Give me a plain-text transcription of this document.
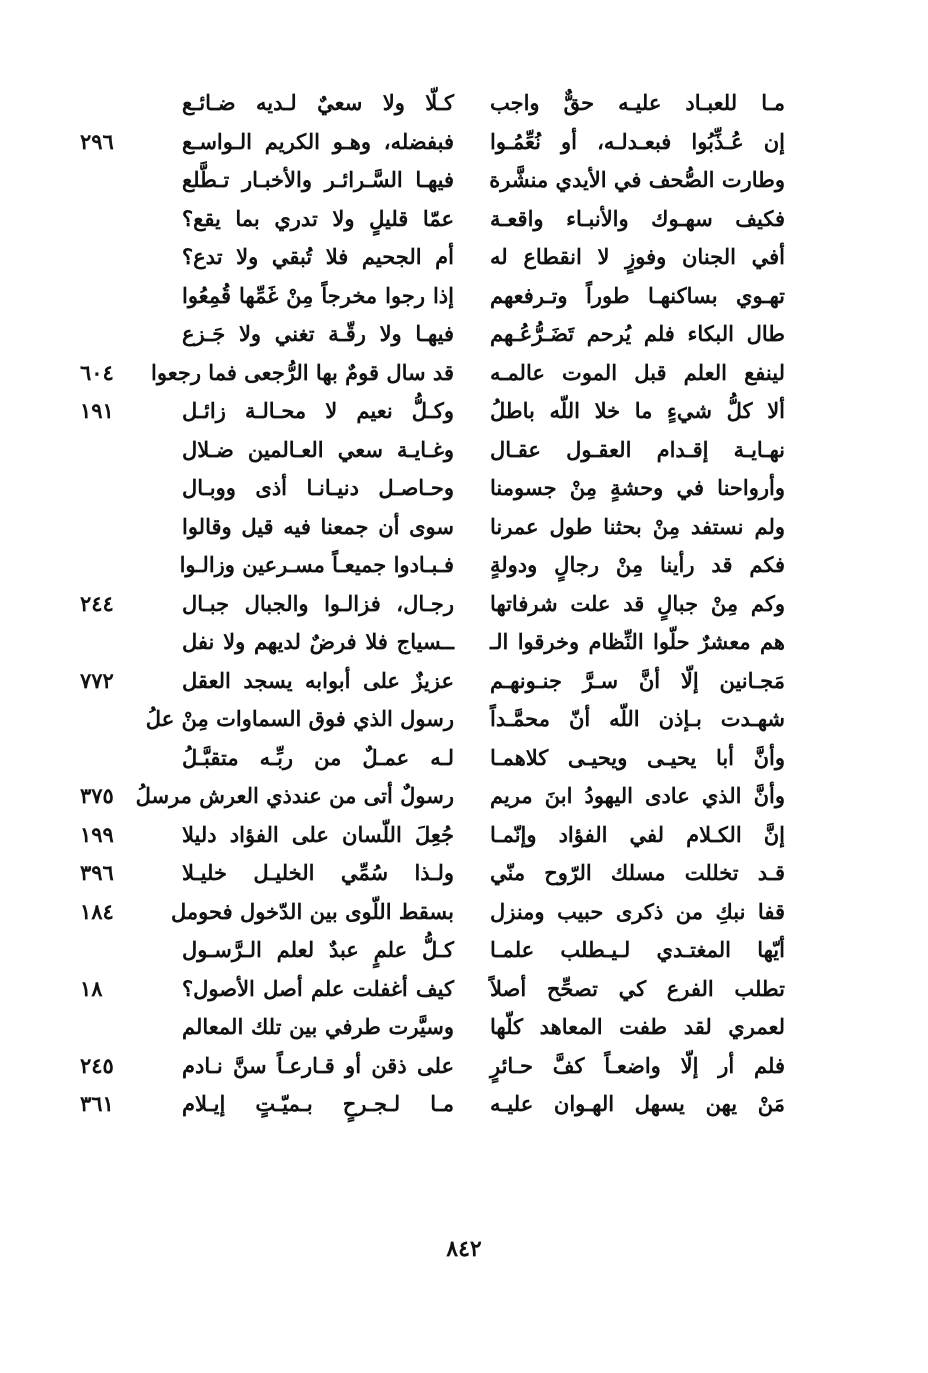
مـا للعبـاد عليـه حقٌّ واجب
كـلّا ولا سعيٌ لـديه ضـائـع
إن عُـذِّبُوا فبعـدلـه، أو نُعِّمُـوا
فبفضله، وهـو الكريم الـواسـع
٢٩٦
وطارت الصُّحف في الأيدي منشَّرة
فيهـا السَّـرائـر والأخبـار تـطَّلع
فكيف سهـوك والأنبـاء واقعـة
عمّا قليلٍ ولا تدري بما يقع؟
أفي الجنان وفوزٍ لا انقطاع له
أم الجحيم فلا تُبقي ولا تدع؟
تهـوي بساكنهـا طوراً وتـرفعهم
إذا رجوا مخرجاً مِنْ غَمِّها قُمِعُوا
طال البكاء فلم يُرحم تَضَـرُّعُـهم
فيهـا ولا رقّـة تغني ولا جَـزع
لينفع العلم قبل الموت عالمـه
قد سال قومٌ بها الرُّجعى فما رجعوا
٦٠٤
ألا كلُّ شيءٍ ما خلا اللّه باطلُ
وكـلُّ نعيم لا محـالـة زائـل
١٩١
نهـايـة إقـدام العقـول عقـال
وغـايـة سعي العـالمين ضـلال
وأرواحنا في وحشةٍ مِنْ جسومنا
وحـاصـل دنيـانـا أذى ووبـال
ولم نستفد مِنْ بحثنا طول عمرنا
سوى أن جمعنا فيه قيل وقالوا
فكم قد رأينا مِنْ رجالٍ ودولةٍ
فـبـادوا جميعـاً مسـرعين وزالـوا
وكم مِنْ جبالٍ قد علت شرفاتها
رجـال، فزالـوا والجبال جبـال
٢٤٤
هم معشرٌ حلّوا النِّظام وخرقوا الـ
ــسياج فلا فرضٌ لديهم ولا نفل
مَجـانين إلّا أنَّ سـرَّ جنـونهـم
عزيزٌ على أبوابه يسجد العقل
٧٧٢
شهـدت بـإذن اللّه أنّ محمَّـداً
رسول الذي فوق السماوات مِنْ علُ
وأنَّ أبا يحيـى ويحيـى كلاهمـا
لـه عمـلٌ من ربِّـه متقبَّـلُ
وأنَّ الذي عادى اليهودُ ابنَ مريم
رسولٌ أتى من عندذي العرش مرسلُ
٣٧٥
إنَّ الكـلام لفي الفؤاد وإنّمـا
جُعِلَ اللّسان على الفؤاد دليلا
١٩٩
قـد تخللت مسلك الرّوح منّي
ولـذا سُمِّي الخليـل خليـلا
٣٩٦
قفا نبكِ من ذكرى حبيب ومنزل
بسقط اللّوى بين الدّخول فحومل
١٨٤
أيّها المغتـدي لـيـطلب علمـا
كـلُّ علمٍ عبدٌ لعلم الـرَّسـول
تطلب الفرع كي تصحِّح أصلاً
كيف أغفلت علم أصل الأصول؟
١٨
لعمري لقد طفت المعاهد كلّها
وسيَّرت طرفي بين تلك المعالم
فلم أر إلّا واضعـاً كفَّ حـائرٍ
على ذقن أو قـارعـاً سنَّ نـادم
٢٤٥
مَنْ يهن يسهل الهـوان عليـه
مـا لـجـرحٍ بـميّـتٍ إيـلام
٣٦١
٨٤٢
